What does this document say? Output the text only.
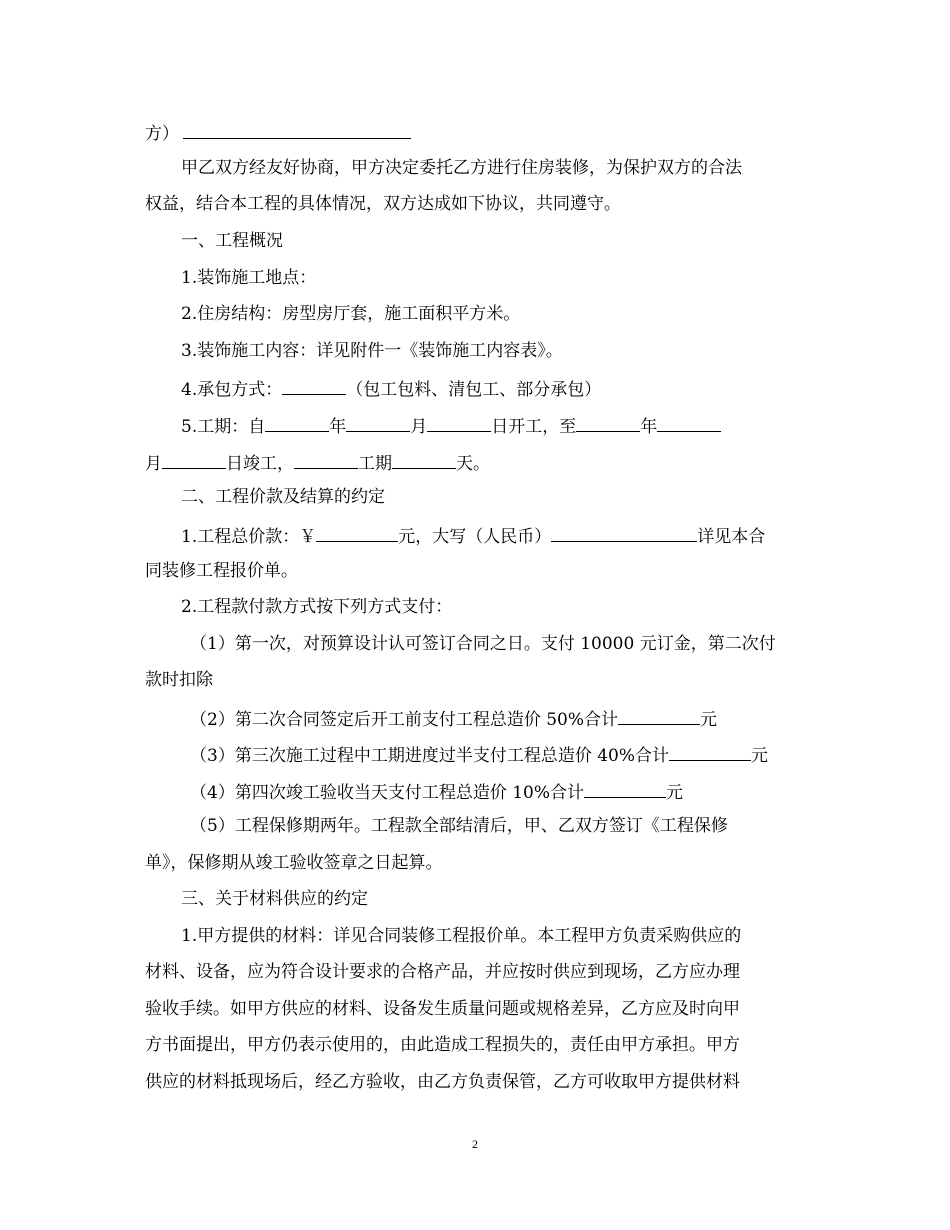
方）
甲乙双方经友好协商，甲方决定委托乙方进行住房装修，为保护双方的合法
权益，结合本工程的具体情况，双方达成如下协议，共同遵守。
一、工程概况
1.装饰施工地点：
2.住房结构：房型房厅套，施工面积平方米。
3.装饰施工内容：详见附件一《装饰施工内容表》。
4.承包方式：	（包工包料、清包工、部分承包）
5.工期：自	年	月	日开工，至	年
月	日竣工，	工期	天。
二、工程价款及结算的约定
1.工程总价款：￥	元，大写（人民币）	详见本合
同装修工程报价单。
2.工程款付款方式按下列方式支付：
（1）第一次，对预算设计认可签订合同之日。支付 10000 元订金，第二次付
款时扣除
（2）第二次合同签定后开工前支付工程总造价 50%合计	元
（3）第三次施工过程中工期进度过半支付工程总造价 40%合计	元
（4）第四次竣工验收当天支付工程总造价 10%合计	元
（5）工程保修期两年。工程款全部结清后，甲、乙双方签订《工程保修
单》，保修期从竣工验收签章之日起算。
三、关于材料供应的约定
1.甲方提供的材料：详见合同装修工程报价单。本工程甲方负责采购供应的
材料、设备，应为符合设计要求的合格产品，并应按时供应到现场，乙方应办理
验收手续。如甲方供应的材料、设备发生质量问题或规格差异，乙方应及时向甲
方书面提出，甲方仍表示使用的，由此造成工程损失的，责任由甲方承担。甲方
供应的材料抵现场后，经乙方验收，由乙方负责保管，乙方可收取甲方提供材料
2
